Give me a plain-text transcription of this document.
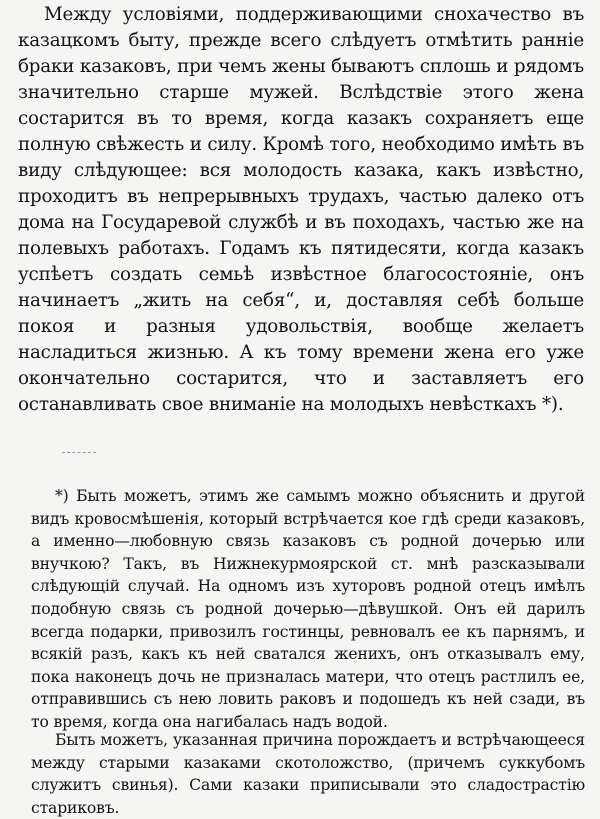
Между условіями, поддерживающими снохачество въ казацкомъ быту, прежде всего слѣдуетъ отмѣтить ранніе браки казаковъ, при чемъ жены бываютъ сплошь и рядомъ значительно старше мужей. Вслѣдствіе этого жена состарится въ то время, когда казакъ сохраняетъ еще полную свѣжесть и силу. Кромѣ того, необходимо имѣть въ виду слѣдующее: вся молодость казака, какъ извѣстно, проходитъ въ непрерывныхъ трудахъ, частью далеко отъ дома на Государевой службѣ и въ походахъ, частью же на полевыхъ работахъ. Годамъ къ пятидесяти, когда казакъ успѣетъ создать семьѣ извѣстное благосостояніе, онъ начинаетъ „жить на себя“, и, доставляя себѣ больше покоя и разныя удовольствія, вообще желаетъ насладиться жизнью. А къ тому времени жена его уже окончательно состарится, что и заставляетъ его останавливать свое вниманіе на молодыхъ невѣсткахъ *).

*) Быть можетъ, этимъ же самымъ можно объяснить и другой видъ кровосмѣшенія, который встрѣчается кое гдѣ среди казаковъ, а именно—любовную связь казаковъ съ родной дочерью или внучкою? Такъ, въ Нижнекурмоярской ст. мнѣ разсказывали слѣдующій случай. На одномъ изъ хуторовъ родной отецъ имѣлъ подобную связь съ родной дочерью—дѣвушкой. Онъ ей дарилъ всегда подарки, привозилъ гостинцы, ревновалъ ее къ парнямъ, и всякій разъ, какъ къ ней сватался женихъ, онъ отказывалъ ему, пока наконецъ дочь не призналась матери, что отецъ растлилъ ее, отправившись съ нею ловить раковъ и подошедъ къ ней сзади, въ то время, когда она нагибалась надъ водой.

Быть можетъ, указанная причина порождаетъ и встрѣчающееся между старыми казаками скотоложство, (причемъ суккубомъ служитъ свинья). Сами казаки приписывали это сладострастію стариковъ.
